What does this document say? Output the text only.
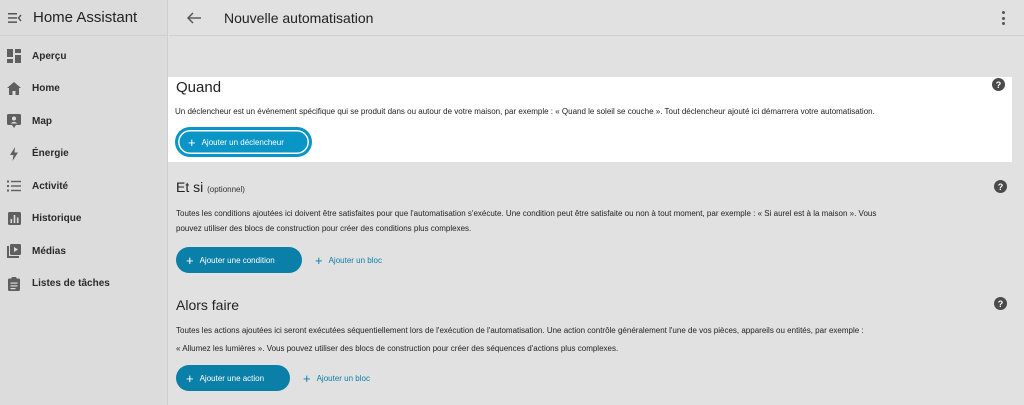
Home Assistant
Aperçu
Home
Map
Énergie
Activité
Historique
Médias
Listes de tâches
Nouvelle automatisation
Quand	?
Un déclencheur est un événement spécifique qui se produit dans ou autour de votre maison, par exemple : « Quand le soleil se couche ». Tout déclencheur ajouté ici démarrera votre automatisation.
+ Ajouter un déclencheur
Et si (optionnel)	?
Toutes les conditions ajoutées ici doivent être satisfaites pour que l'automatisation s'exécute. Une condition peut être satisfaite ou non à tout moment, par exemple : « Si aurel est à la maison ». Vous
pouvez utiliser des blocs de construction pour créer des conditions plus complexes.
+ Ajouter une condition	+ Ajouter un bloc
Alors faire	?
Toutes les actions ajoutées ici seront exécutées séquentiellement lors de l'exécution de l'automatisation. Une action contrôle généralement l'une de vos pièces, appareils ou entités, par exemple :
« Allumez les lumières ». Vous pouvez utiliser des blocs de construction pour créer des séquences d'actions plus complexes.
+ Ajouter une action	+ Ajouter un bloc
